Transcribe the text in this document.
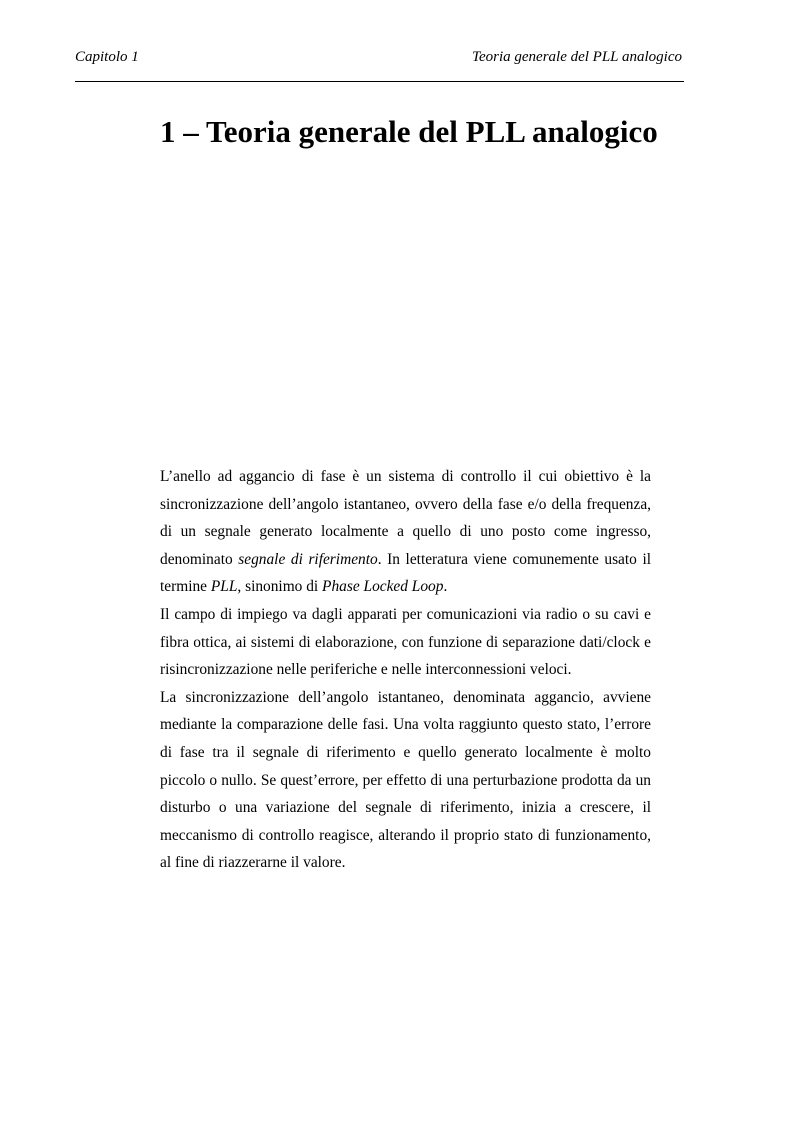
Capitolo 1	Teoria generale del PLL analogico
1 – Teoria generale del PLL analogico

L’anello ad aggancio di fase è un sistema di controllo il cui obiettivo è la sincronizzazione dell’angolo istantaneo, ovvero della fase e/o della frequenza, di un segnale generato localmente a quello di uno posto come ingresso, denominato segnale di riferimento. In letteratura viene comunemente usato il termine PLL, sinonimo di Phase Locked Loop.

Il campo di impiego va dagli apparati per comunicazioni via radio o su cavi e fibra ottica, ai sistemi di elaborazione, con funzione di separazione dati/clock e risincronizzazione nelle periferiche e nelle interconnessioni veloci.

La sincronizzazione dell’angolo istantaneo, denominata aggancio, avviene mediante la comparazione delle fasi. Una volta raggiunto questo stato, l’errore di fase tra il segnale di riferimento e quello generato localmente è molto piccolo o nullo. Se quest’errore, per effetto di una perturbazione prodotta da un disturbo o una variazione del segnale di riferimento, inizia a crescere, il meccanismo di controllo reagisce, alterando il proprio stato di funzionamento, al fine di riazzerarne il valore.
